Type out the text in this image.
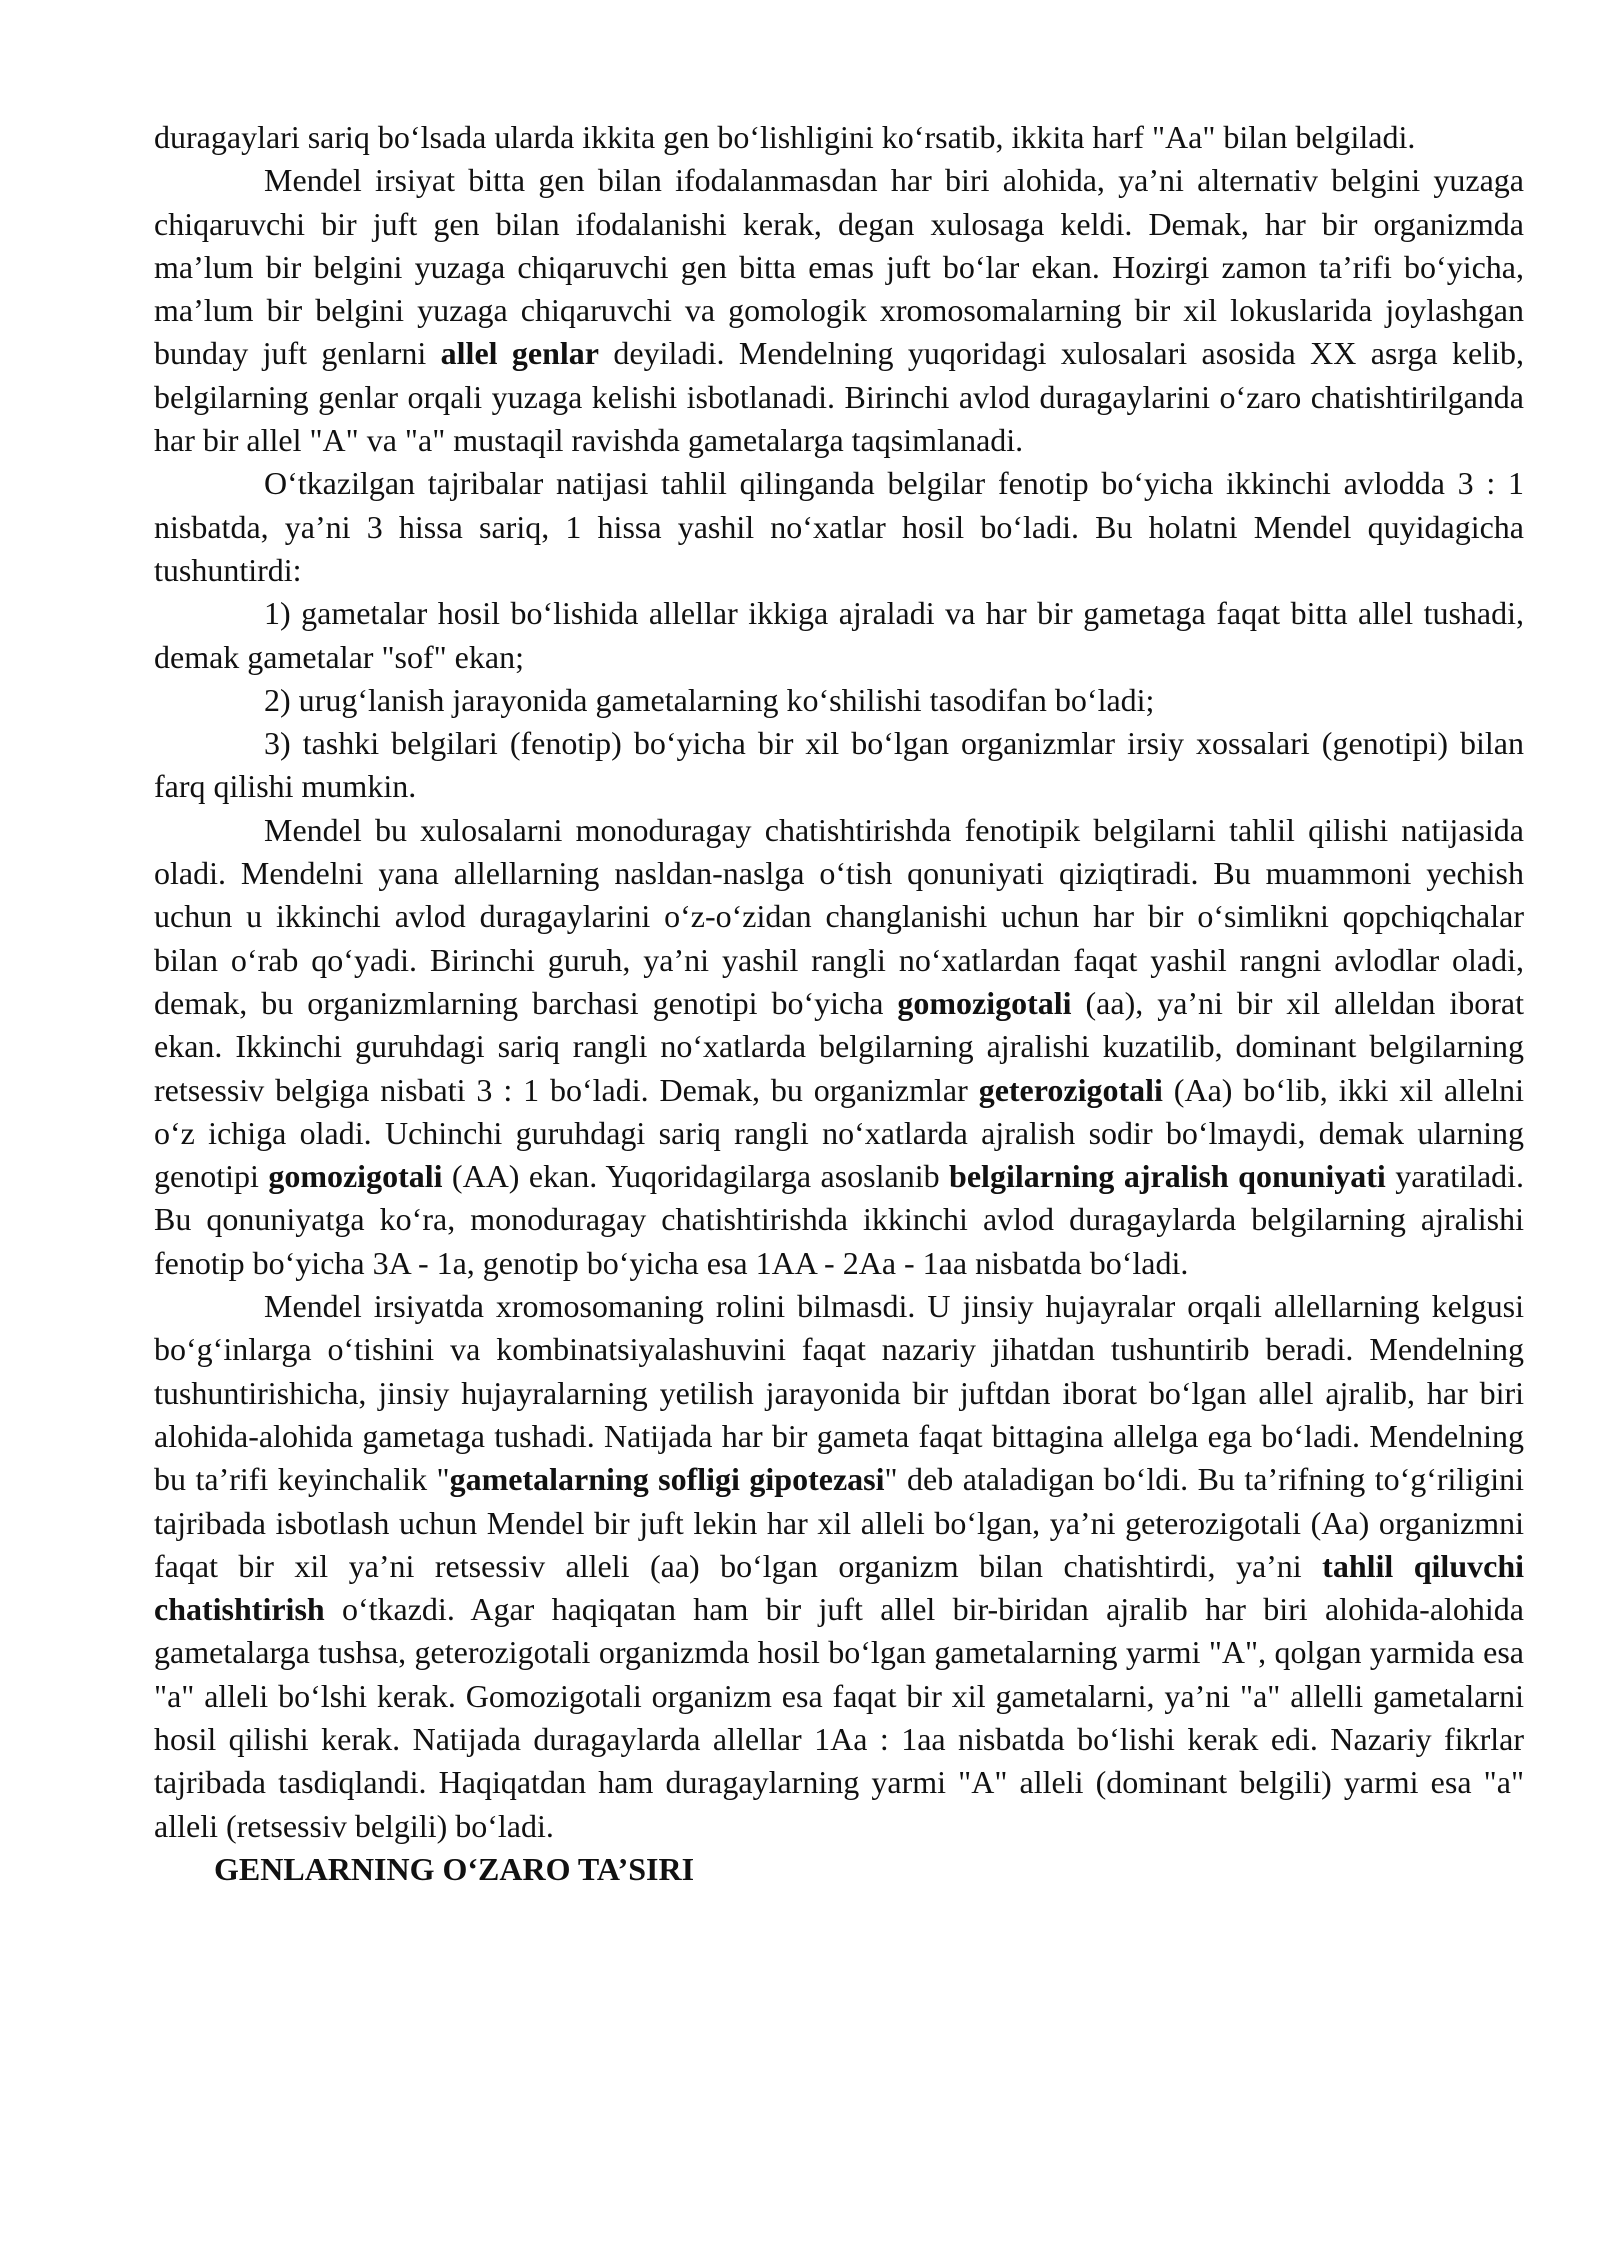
duragaylari sariq bo‘lsada ularda ikkita gen bo‘lishligini ko‘rsatib, ikkita harf "Aa" bilan belgiladi.

Mendel irsiyat bitta gen bilan ifodalanmasdan har biri alohida, ya’ni alternativ belgini yuzaga chiqaruvchi bir juft gen bilan ifodalanishi kerak, degan xulosaga keldi. Demak, har bir organizmda ma’lum bir belgini yuzaga chiqaruvchi gen bitta emas juft bo‘lar ekan. Hozirgi zamon ta’rifi bo‘yicha, ma’lum bir belgini yuzaga chiqaruvchi va gomologik xromosomalarning bir xil lokuslarida joylashgan bunday juft genlarni allel genlar deyiladi. Mendelning yuqoridagi xulosalari asosida XX asrga kelib, belgilarning genlar orqali yuzaga kelishi isbotlanadi. Birinchi avlod duragaylarini o‘zaro chatishtirilganda har bir allel "A" va "a" mustaqil ravishda gametalarga taqsimlanadi.

O‘tkazilgan tajribalar natijasi tahlil qilinganda belgilar fenotip bo‘yicha ikkinchi avlodda 3 : 1 nisbatda, ya’ni 3 hissa sariq, 1 hissa yashil no‘xatlar hosil bo‘ladi. Bu holatni Mendel quyidagicha tushuntirdi:

1) gametalar hosil bo‘lishida allellar ikkiga ajraladi va har bir gametaga faqat bitta allel tushadi, demak gametalar "sof" ekan;

2) urug‘lanish jarayonida gametalarning ko‘shilishi tasodifan bo‘ladi;

3) tashki belgilari (fenotip) bo‘yicha bir xil bo‘lgan organizmlar irsiy xossalari (genotipi) bilan farq qilishi mumkin.

Mendel bu xulosalarni monoduragay chatishtirishda fenotipik belgilarni tahlil qilishi natijasida oladi. Mendelni yana allellarning nasldan-naslga o‘tish qonuniyati qiziqtiradi. Bu muammoni yechish uchun u ikkinchi avlod duragaylarini o‘z-o‘zidan changlanishi uchun har bir o‘simlikni qopchiqchalar bilan o‘rab qo‘yadi. Birinchi guruh, ya’ni yashil rangli no‘xatlardan faqat yashil rangni avlodlar oladi, demak, bu organizmlarning barchasi genotipi bo‘yicha gomozigotali (aa), ya’ni bir xil alleldan iborat ekan. Ikkinchi guruhdagi sariq rangli no‘xatlarda belgilarning ajralishi kuzatilib, dominant belgilarning retsessiv belgiga nisbati 3 : 1 bo‘ladi. Demak, bu organizmlar geterozigotali (Aa) bo‘lib, ikki xil allelni o‘z ichiga oladi. Uchinchi guruhdagi sariq rangli no‘xatlarda ajralish sodir bo‘lmaydi, demak ularning genotipi gomozigotali (AA) ekan. Yuqoridagilarga asoslanib belgilarning ajralish qonuniyati yaratiladi. Bu qonuniyatga ko‘ra, monoduragay chatishtirishda ikkinchi avlod duragaylarda belgilarning ajralishi fenotip bo‘yicha 3A - 1a, genotip bo‘yicha esa 1AA - 2Aa - 1aa nisbatda bo‘ladi.

Mendel irsiyatda xromosomaning rolini bilmasdi. U jinsiy hujayralar orqali allellarning kelgusi bo‘g‘inlarga o‘tishini va kombinatsiyalashuvini faqat nazariy jihatdan tushuntirib beradi. Mendelning tushuntirishicha, jinsiy hujayralarning yetilish jarayonida bir juftdan iborat bo‘lgan allel ajralib, har biri alohida-alohida gametaga tushadi. Natijada har bir gameta faqat bittagina allelga ega bo‘ladi. Mendelning bu ta’rifi keyinchalik "gametalarning sofligi gipotezasi" deb ataladigan bo‘ldi. Bu ta’rifning to‘g‘riligini tajribada isbotlash uchun Mendel bir juft lekin har xil alleli bo‘lgan, ya’ni geterozigotali (Aa) organizmni faqat bir xil ya’ni retsessiv alleli (aa) bo‘lgan organizm bilan chatishtirdi, ya’ni tahlil qiluvchi chatishtirish o‘tkazdi. Agar haqiqatan ham bir juft allel bir-biridan ajralib har biri alohida-alohida gametalarga tushsa, geterozigotali organizmda hosil bo‘lgan gametalarning yarmi "A", qolgan yarmida esa "a" alleli bo‘lshi kerak. Gomozigotali organizm esa faqat bir xil gametalarni, ya’ni "a" allelli gametalarni hosil qilishi kerak. Natijada duragaylarda allellar 1Aa : 1aa nisbatda bo‘lishi kerak edi. Nazariy fikrlar tajribada tasdiqlandi. Haqiqatdan ham duragaylarning yarmi "A" alleli (dominant belgili) yarmi esa "a" alleli (retsessiv belgili) bo‘ladi.

GENLARNING O‘ZARO TA’SIRI
